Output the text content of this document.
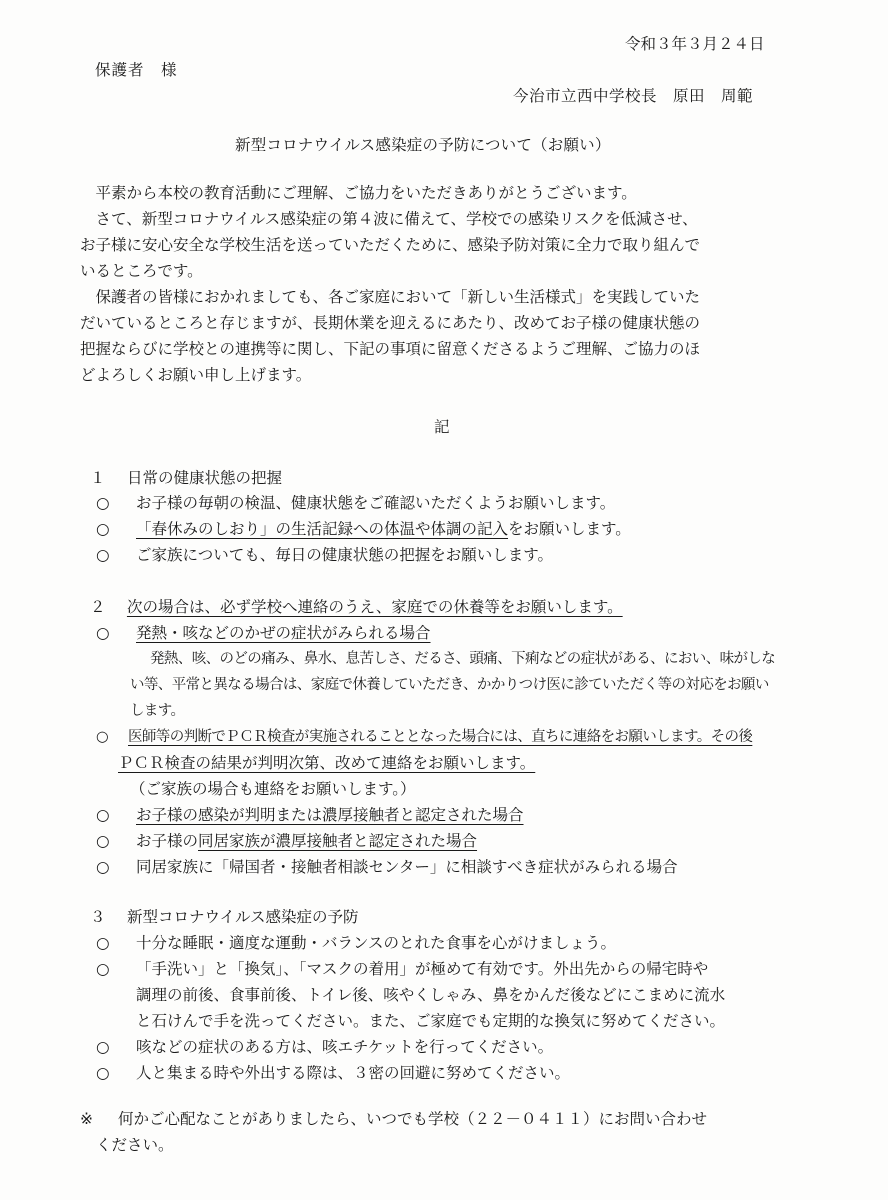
令和３年３月２４日
保護者　様
今治市立西中学校長　原田　周範
新型コロナウイルス感染症の予防について（お願い）
　平素から本校の教育活動にご理解、ご協力をいただきありがとうございます。
　さて、新型コロナウイルス感染症の第４波に備えて、学校での感染リスクを低減させ、
お子様に安心安全な学校生活を送っていただくために、感染予防対策に全力で取り組んで
いるところです。
　保護者の皆様におかれましても、各ご家庭において「新しい生活様式」を実践していた
だいているところと存じますが、長期休業を迎えるにあたり、改めてお子様の健康状態の
把握ならびに学校との連携等に関し、下記の事項に留意くださるようご理解、ご協力のほ
どよろしくお願い申し上げます。
記
１ 日常の健康状態の把握
○ お子様の毎朝の検温、健康状態をご確認いただくようお願いします。
○ 「春休みのしおり」の生活記録への体温や体調の記入をお願いします。
○ ご家族についても、毎日の健康状態の把握をお願いします。
２ 次の場合は、必ず学校へ連絡のうえ、家庭での休養等をお願いします。
○ 発熱・咳などのかぜの症状がみられる場合
発熱、咳、のどの痛み、鼻水、息苦しさ、だるさ、頭痛、下痢などの症状がある、におい、味がしな
い等、平常と異なる場合は、家庭で休養していただき、かかりつけ医に診ていただく等の対応をお願い
します。
○ 医師等の判断でＰＣＲ検査が実施されることとなった場合には、直ちに連絡をお願いします。その後
ＰＣＲ検査の結果が判明次第、改めて連絡をお願いします。
（ご家族の場合も連絡をお願いします。）
○ お子様の感染が判明または濃厚接触者と認定された場合
○ お子様の同居家族が濃厚接触者と認定された場合
○ 同居家族に「帰国者・接触者相談センター」に相談すべき症状がみられる場合
３ 新型コロナウイルス感染症の予防
○ 十分な睡眠・適度な運動・バランスのとれた食事を心がけましょう。
○ 「手洗い」と「換気」、「マスクの着用」が極めて有効です。外出先からの帰宅時や
調理の前後、食事前後、トイレ後、咳やくしゃみ、鼻をかんだ後などにこまめに流水
と石けんで手を洗ってください。また、ご家庭でも定期的な換気に努めてください。
○ 咳などの症状のある方は、咳エチケットを行ってください。
○ 人と集まる時や外出する際は、３密の回避に努めてください。
※ 何かご心配なことがありましたら、いつでも学校（２２－０４１１）にお問い合わせ
ください。
